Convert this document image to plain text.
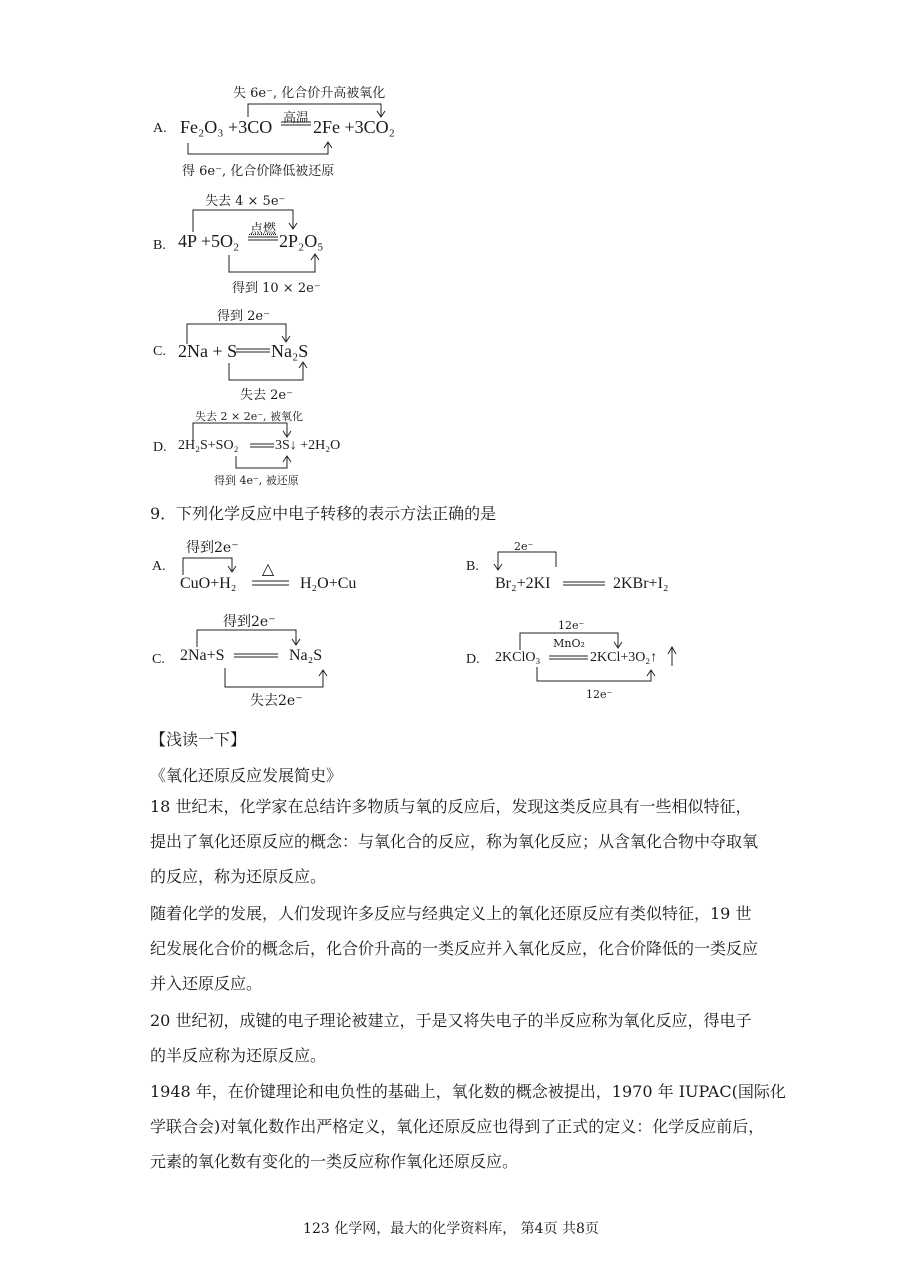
A.
失 6e⁻, 化合价升高被氧化
高温
Fe₂O₃ +3CO 2Fe +3CO₂
得 6e⁻, 化合价降低被还原
B.
失去 4 × 5e⁻
点燃
4P +5O₂ 2P₂O₅
得到 10 × 2e⁻
C.
得到 2e⁻
2Na + S Na₂S
失去 2e⁻
D.
失去 2 × 2e⁻, 被氧化
2H₂S+SO₂	3S↓ +2H₂O
得到 4e⁻, 被还原
9．下列化学反应中电子转移的表示方法正确的是
A.
得到2e⁻
△
CuO+H₂	H₂O+Cu
B.
2e⁻
Br₂+2KI	2KBr+I₂
C.
得到2e⁻
2Na+S	Na₂S
失去2e⁻
D.
12e⁻
MnO₂
2KClO₃	2KCl+3O₂↑
12e⁻
【浅读一下】
《氧化还原反应发展简史》
18 世纪末，化学家在总结许多物质与氧的反应后，发现这类反应具有一些相似特征，
提出了氧化还原反应的概念：与氧化合的反应，称为氧化反应；从含氧化合物中夺取氧
的反应，称为还原反应。
随着化学的发展，人们发现许多反应与经典定义上的氧化还原反应有类似特征，19 世
纪发展化合价的概念后，化合价升高的一类反应并入氧化反应，化合价降低的一类反应
并入还原反应。
20 世纪初，成键的电子理论被建立，于是又将失电子的半反应称为氧化反应，得电子
的半反应称为还原反应。
1948 年，在价键理论和电负性的基础上，氧化数的概念被提出，1970 年 IUPAC(国际化
学联合会)对氧化数作出严格定义，氧化还原反应也得到了正式的定义：化学反应前后，
元素的氧化数有变化的一类反应称作氧化还原反应。
123 化学网，最大的化学资料库， 第4页 共8页
